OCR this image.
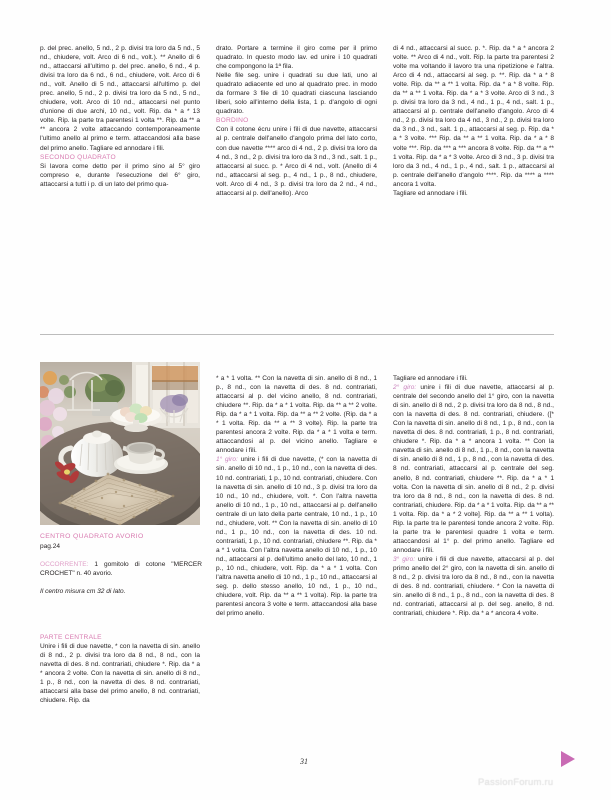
p. del prec. anello, 5 nd., 2 p. divisi tra loro da 5 nd., 5 nd., chiudere, volt. Arco di 6 nd., volt.). ** Anello di 6 nd., attaccarsi all'ultimo p. del prec. anello, 6 nd., 4 p. divisi tra loro da 6 nd., 6 nd., chiudere, volt. Arco di 6 nd., volt. Anello di 5 nd., attaccarsi all'ultimo p. del prec. anello, 5 nd., 2 p. divisi tra loro da 5 nd., 5 nd., chiudere, volt. Arco di 10 nd., attaccarsi nel punto d'unione di due archi, 10 nd., volt. Rip. da * a * 13 volte. Rip. la parte tra parentesi 1 volta **. Rip. da ** a ** ancora 2 volte attaccando contemporaneamente l'ultimo anello al primo e term. attaccandosi alla base del primo anello. Tagliare ed annodare i fili.

SECONDO QUADRATO

Si lavora come detto per il primo sino al 5° giro compreso e, durante l'esecuzione del 6° giro, attaccarsi a tutti i p. di un lato del primo qua-

drato. Portare a termine il giro come per il primo quadrato. In questo modo lav. ed unire i 10 quadrati che compongono la 1ª fila.

Nelle file seg. unire i quadrati su due lati, uno al quadrato adiacente ed uno al quadrato prec. in modo da formare 3 file di 10 quadrati ciascuna lasciando liberi, solo all'interno della lista, 1 p. d'angolo di ogni quadrato.

BORDINO

Con il cotone écru unire i fili di due navette, attaccarsi al p. centrale dell'anello d'angolo prima del lato corto, con due navette **** arco di 4 nd., 2 p. divisi tra loro da 4 nd., 3 nd., 2 p. divisi tra loro da 3 nd., 3 nd., salt. 1 p., attaccarsi al succ. p. * Arco di 4 nd., volt. (Anello di 4 nd., attaccarsi al seg. p., 4 nd., 1 p., 8 nd., chiudere, volt. Arco di 4 nd., 3 p. divisi tra loro da 2 nd., 4 nd., attaccarsi al p. dell'anello). Arco

di 4 nd., attaccarsi al succ. p. *. Rip. da * a * ancora 2 volte. ** Arco di 4 nd., volt. Rip. la parte tra parentesi 2 volte ma voltando il lavoro tra una ripetizione e l'altra. Arco di 4 nd., attaccarsi al seg. p. **. Rip. da * a * 8 volte. Rip. da ** a ** 1 volta. Rip. da * a * 8 volte. Rip. da ** a ** 1 volta. Rip. da * a * 3 volte. Arco di 3 nd., 3 p. divisi tra loro da 3 nd., 4 nd., 1 p., 4 nd., salt. 1 p., attaccarsi al p. centrale dell'anello d'angolo. Arco di 4 nd., 2 p. divisi tra loro da 4 nd., 3 nd., 2 p. divisi tra loro da 3 nd., 3 nd., salt. 1 p., attaccarsi al seg. p. Rip. da * a * 3 volte. *** Rip. da ** a ** 1 volta. Rip. da * a * 8 volte ***. Rip. da *** a *** ancora 8 volte. Rip. da ** a ** 1 volta. Rip. da * a * 3 volte. Arco di 3 nd., 3 p. divisi tra loro da 3 nd., 4 nd., 1 p., 4 nd., salt. 1 p., attaccarsi al p. centrale dell'anello d'angolo ****. Rip. da **** a **** ancora 1 volta.

Tagliare ed annodare i fili.

CENTRO QUADRATO AVORIO

pag.24

OCCORRENTE: 1 gomitolo di cotone "MERCER CROCHET" n. 40 avorio.

Il centro misura cm 32 di lato.

PARTE CENTRALE

Unire i fili di due navette, * con la navetta di sin. anello di 8 nd., 2 p. divisi tra loro da 8 nd., 8 nd., con la navetta di des. 8 nd. contrariati, chiudere *. Rip. da * a * ancora 2 volte. Con la navetta di sin. anello di 8 nd., 1 p., 8 nd., con la navetta di des. 8 nd. contrariati, attaccarsi alla base del primo anello, 8 nd. contrariati, chiudere. Rip. da

* a * 1 volta. ** Con la navetta di sin. anello di 8 nd., 1 p., 8 nd., con la navetta di des. 8 nd. contrariati, attaccarsi al p. del vicino anello, 8 nd. contrariati, chiudere **. Rip. da * a * 1 volta. Rip. da ** a ** 2 volte. Rip. da * a * 1 volta. Rip. da ** a ** 2 volte. (Rip. da * a * 1 volta. Rip. da ** a ** 3 volte). Rip. la parte tra parentesi ancora 2 volte. Rip. da * a * 1 volta e term. attaccandosi al p. del vicino anello. Tagliare e annodare i fili.

1° giro: unire i fili di due navette, (* con la navetta di sin. anello di 10 nd., 1 p., 10 nd., con la navetta di des. 10 nd. contrariati, 1 p., 10 nd. contrariati, chiudere. Con la navetta di sin. anello di 10 nd., 3 p. divisi tra loro da 10 nd., 10 nd., chiudere, volt. *. Con l'altra navetta anello di 10 nd., 1 p., 10 nd., attaccarsi al p. dell'anello centrale di un lato della parte centrale, 10 nd., 1 p., 10 nd., chiudere, volt. ** Con la navetta di sin. anello di 10 nd., 1 p., 10 nd., con la navetta di des. 10 nd. contrariati, 1 p., 10 nd. contrariati, chiudere **. Rip. da * a * 1 volta. Con l'altra navetta anello di 10 nd., 1 p., 10 nd., attaccarsi al p. dell'ultimo anello del lato, 10 nd., 1 p., 10 nd., chiudere, volt. Rip. da * a * 1 volta. Con l'altra navetta anello di 10 nd., 1 p., 10 nd., attaccarsi al seg. p. dello stesso anello, 10 nd., 1 p., 10 nd., chiudere, volt. Rip. da ** a ** 1 volta). Rip. la parte tra parentesi ancora 3 volte e term. attaccandosi alla base del primo anello.

Tagliare ed annodare i fili.

2° giro: unire i fili di due navette, attaccarsi al p. centrale del secondo anello del 1° giro, con la navetta di sin. anello di 8 nd., 2 p. divisi tra loro da 8 nd., 8 nd., con la navetta di des. 8 nd. contrariati, chiudere. ([* Con la navetta di sin. anello di 8 nd., 1 p., 8 nd., con la navetta di des. 8 nd. contrariati, 1 p., 8 nd. contrariati, chiudere *. Rip. da * a * ancora 1 volta. ** Con la navetta di sin. anello di 8 nd., 1 p., 8 nd., con la navetta di sin. anello di 8 nd., 1 p., 8 nd., con la navetta di des. 8 nd. contrariati, attaccarsi al p. centrale del seg. anello, 8 nd. contrariati, chiudere **. Rip. da * a * 1 volta. Con la navetta di sin. anello di 8 nd., 2 p. divisi tra loro da 8 nd., 8 nd., con la navetta di des. 8 nd. contrariati, chiudere. Rip. da * a * 1 volta. Rip. da ** a ** 1 volta. Rip. da * a * 2 volte]. Rip. da ** a ** 1 volta). Rip. la parte tra le parentesi tonde ancora 2 volte. Rip. la parte tra le parentesi quadre 1 volta e term. attaccandosi al 1° p. del primo anello. Tagliare ed annodare i fili.

3° giro: unire i fili di due navette, attaccarsi al p. del primo anello del 2° giro, con la navetta di sin. anello di 8 nd., 2 p. divisi tra loro da 8 nd., 8 nd., con la navetta di des. 8 nd. contrariati, chiudere. * Con la navetta di sin. anello di 8 nd., 1 p., 8 nd., con la navetta di des. 8 nd. contrariati, attaccarsi al p. del seg. anello, 8 nd. contrariati, chiudere *. Rip. da * a * ancora 4 volte.

31
PassionForum.ru
